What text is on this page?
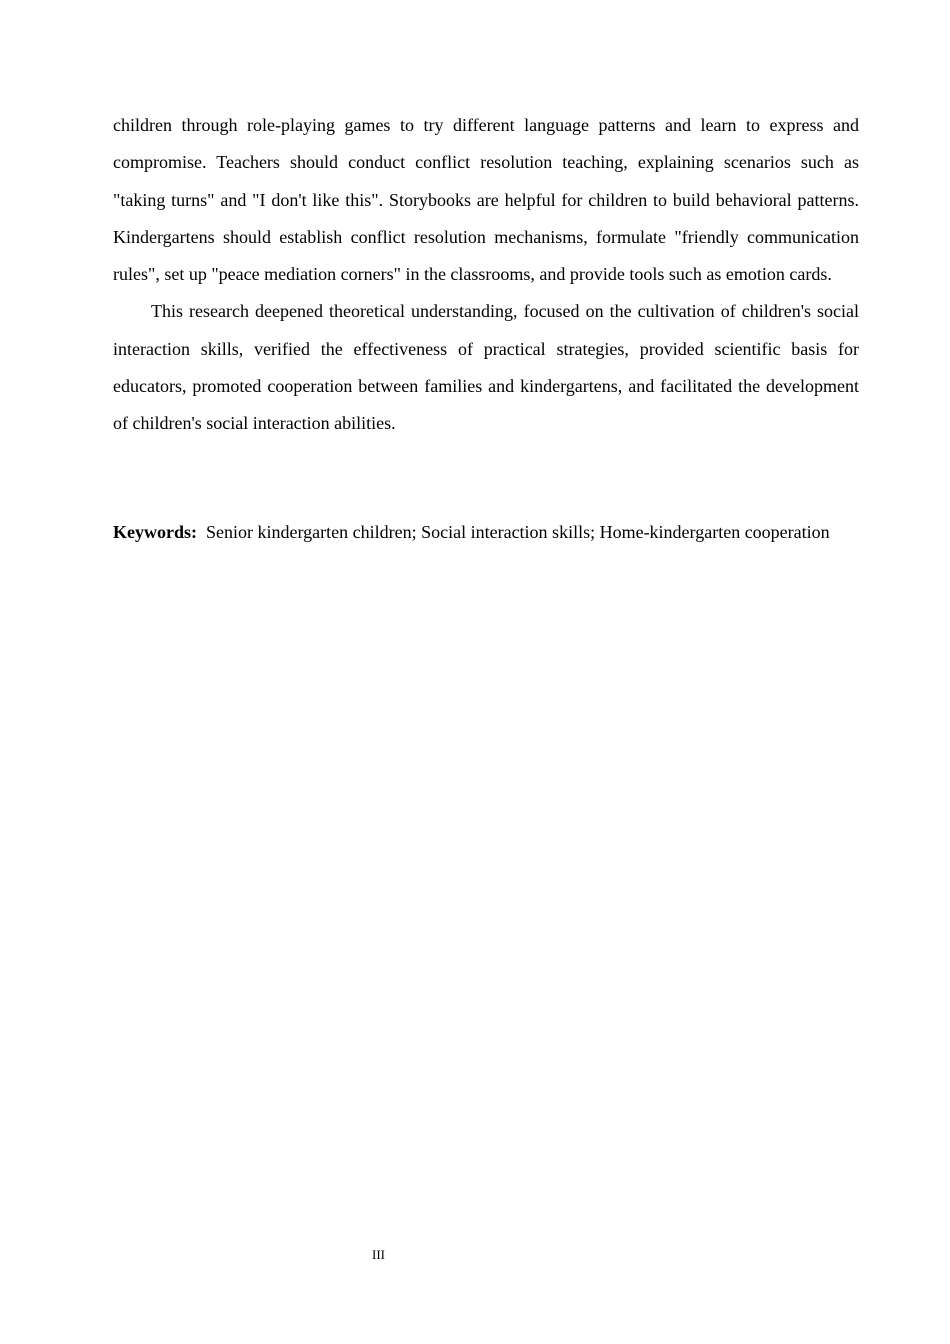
children through role-playing games to try different language patterns and learn to express and compromise. Teachers should conduct conflict resolution teaching, explaining scenarios such as "taking turns" and "I don't like this". Storybooks are helpful for children to build behavioral patterns. Kindergartens should establish conflict resolution mechanisms, formulate "friendly communication rules", set up "peace mediation corners" in the classrooms, and provide tools such as emotion cards.

This research deepened theoretical understanding, focused on the cultivation of children's social interaction skills, verified the effectiveness of practical strategies, provided scientific basis for educators, promoted cooperation between families and kindergartens, and facilitated the development of children's social interaction abilities.

Keywords: Senior kindergarten children; Social interaction skills; Home-kindergarten cooperation

III
